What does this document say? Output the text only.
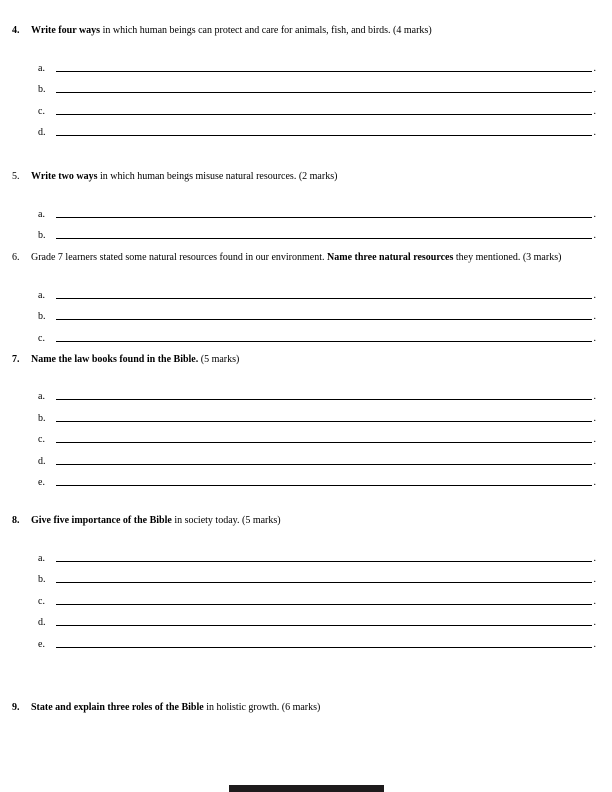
4.	Write four ways in which human beings can protect and care for animals, fish, and birds. (4 marks)
a.	.
b.	.
c.	.
d.	.
5.	Write two ways in which human beings misuse natural resources. (2 marks)
a.	.
b.	.
6.	Grade 7 learners stated some natural resources found in our environment. Name three natural resources they mentioned. (3 marks)
a.	.
b.	.
c.	.
7.	Name the law books found in the Bible. (5 marks)
a.	.
b.	.
c.	.
d.	.
e.	.
8.	Give five importance of the Bible in society today. (5 marks)
a.	.
b.	.
c.	.
d.	.
e.	.
9.	State and explain three roles of the Bible in holistic growth. (6 marks)
